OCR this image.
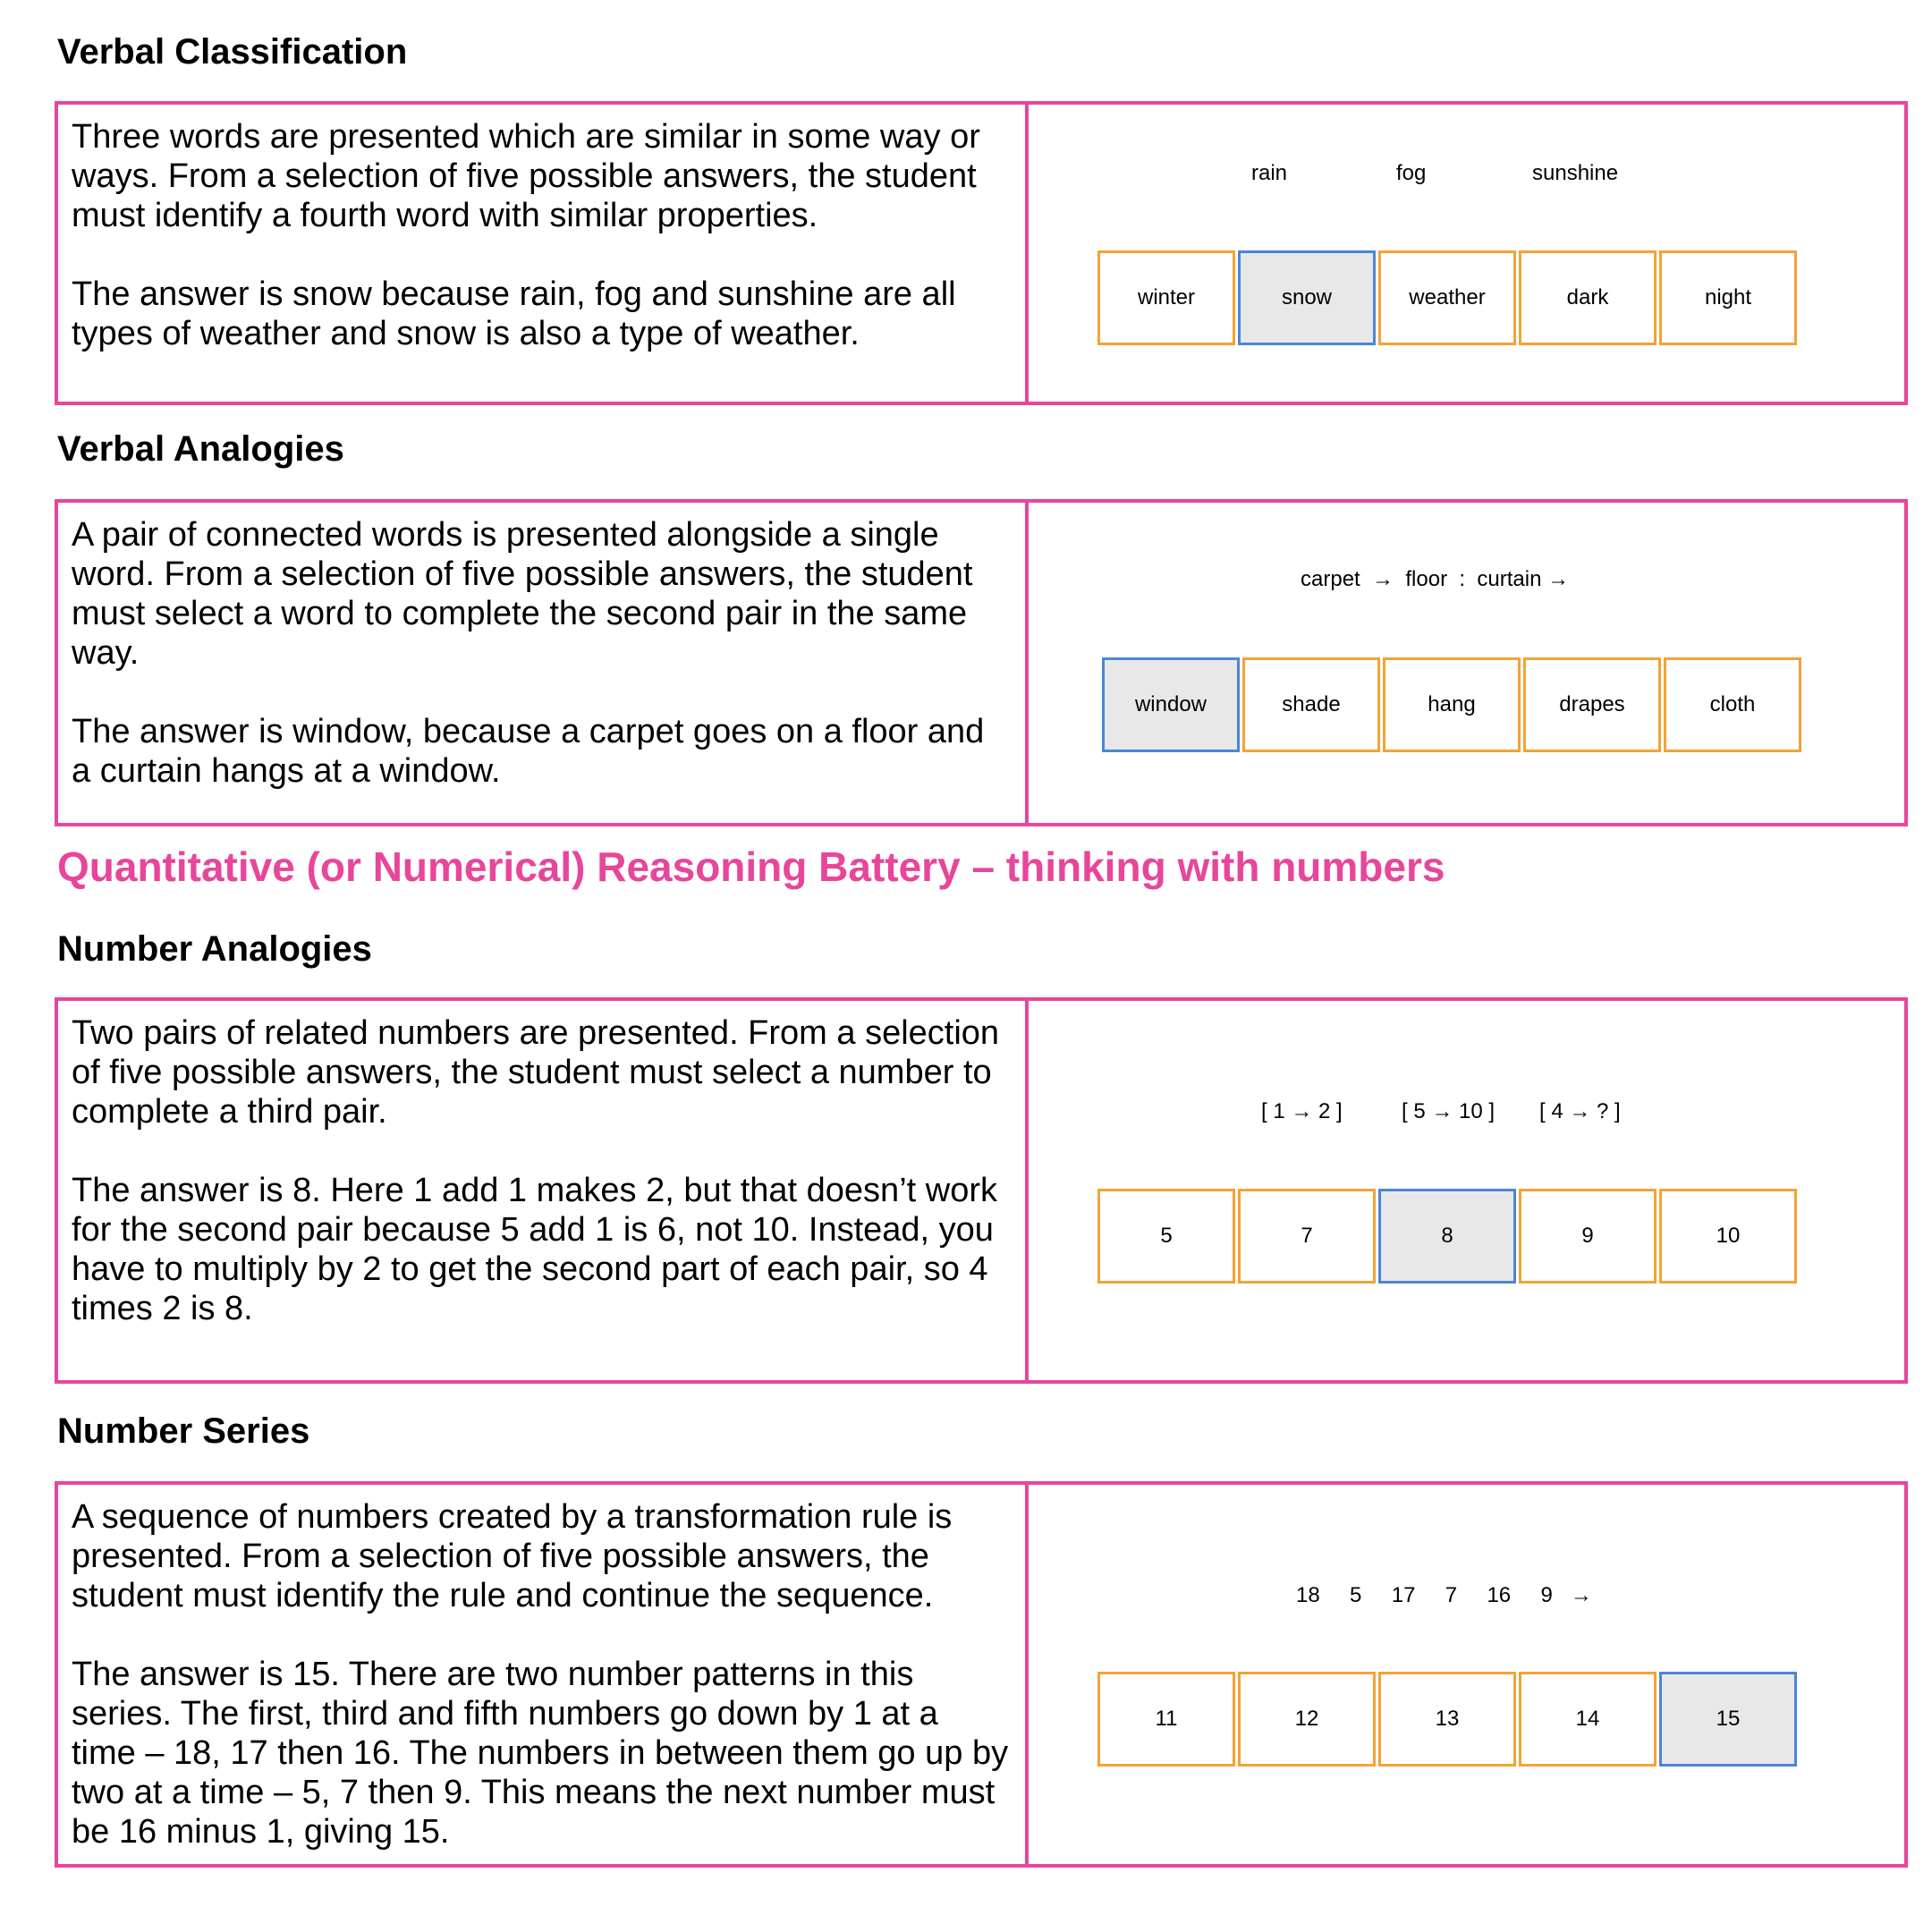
Verbal Classification

Three words are presented which are similar in some way or ways. From a selection of five possible answers, the student must identify a fourth word with similar properties.

The answer is snow because rain, fog and sunshine are all types of weather and snow is also a type of weather.

rain	fog	sunshine
winter	snow	weather	dark	night
Verbal Analogies

A pair of connected words is presented alongside a single word. From a selection of five possible answers, the student must select a word to complete the second pair in the same way.

The answer is window, because a carpet goes on a floor and a curtain hangs at a window.

carpet  →  floor  :  curtain →
window	shade	hang	drapes	cloth
Quantitative (or Numerical) Reasoning Battery – thinking with numbers
Number Analogies

Two pairs of related numbers are presented. From a selection of five possible answers, the student must select a number to complete a third pair.

The answer is 8. Here 1 add 1 makes 2, but that doesn’t work for the second pair because 5 add 1 is 6, not 10. Instead, you have to multiply by 2 to get the second part of each pair, so 4 times 2 is 8.

[ 1 → 2 ]	[ 5 → 10 ] [ 4 → ? ]
5	7	8	9	10
Number Series

A sequence of numbers created by a transformation rule is presented. From a selection of five possible answers, the student must identify the rule and continue the sequence.

The answer is 15. There are two number patterns in this series. The first, third and fifth numbers go down by 1 at a time – 18, 17 then 16. The numbers in between them go up by two at a time – 5, 7 then 9. This means the next number must be 16 minus 1, giving 15.

18     5     17     7     16     9   →
11	12	13	14	15
